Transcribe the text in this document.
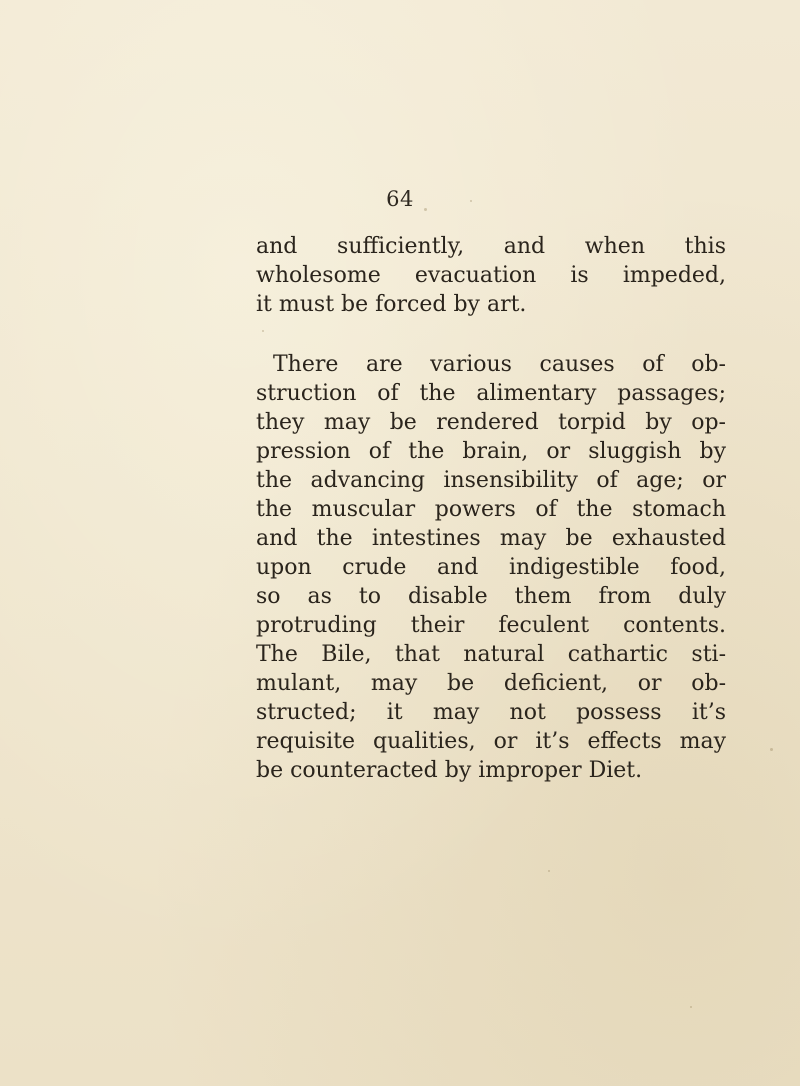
64
and sufficiently, and when this
wholesome evacuation is impeded,
it must be forced by art.
There are various causes of ob-
struction of the alimentary passages;
they may be rendered torpid by op-
pression of the brain, or sluggish by
the advancing insensibility of age; or
the muscular powers of the stomach
and the intestines may be exhausted
upon crude and indigestible food,
so as to disable them from duly
protruding their feculent contents.
The Bile, that natural cathartic sti-
mulant, may be deficient, or ob-
structed; it may not possess it’s
requisite qualities, or it’s effects may
be counteracted by improper Diet.
